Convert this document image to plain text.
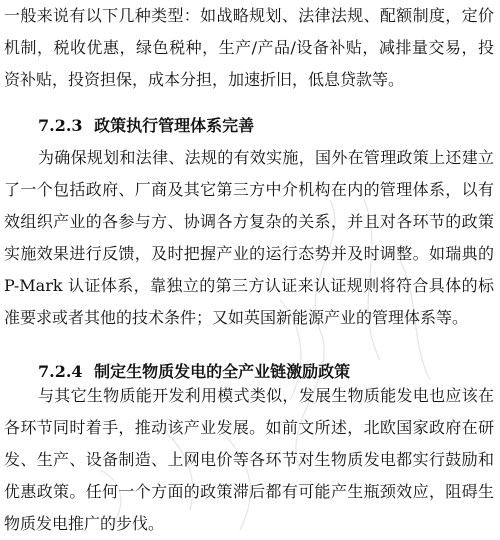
一般来说有以下几种类型：如战略规划、法律法规、配额制度，定价
机制，税收优惠，绿色税种，生产/产品/设备补贴，减排量交易，投
资补贴，投资担保，成本分担，加速折旧，低息贷款等。
7.2.3 政策执行管理体系完善
为确保规划和法律、法规的有效实施，国外在管理政策上还建立
了一个包括政府、厂商及其它第三方中介机构在内的管理体系，以有
效组织产业的各参与方、协调各方复杂的关系，并且对各环节的政策
实施效果进行反馈，及时把握产业的运行态势并及时调整。如瑞典的
P-Mark 认证体系，靠独立的第三方认证来认证规则将符合具体的标
准要求或者其他的技术条件；又如英国新能源产业的管理体系等。
7.2.4 制定生物质发电的全产业链激励政策
与其它生物质能开发利用模式类似，发展生物质能发电也应该在
各环节同时着手，推动该产业发展。如前文所述，北欧国家政府在研
发、生产、设备制造、上网电价等各环节对生物质发电都实行鼓励和
优惠政策。任何一个方面的政策滞后都有可能产生瓶颈效应，阻碍生
物质发电推广的步伐。
